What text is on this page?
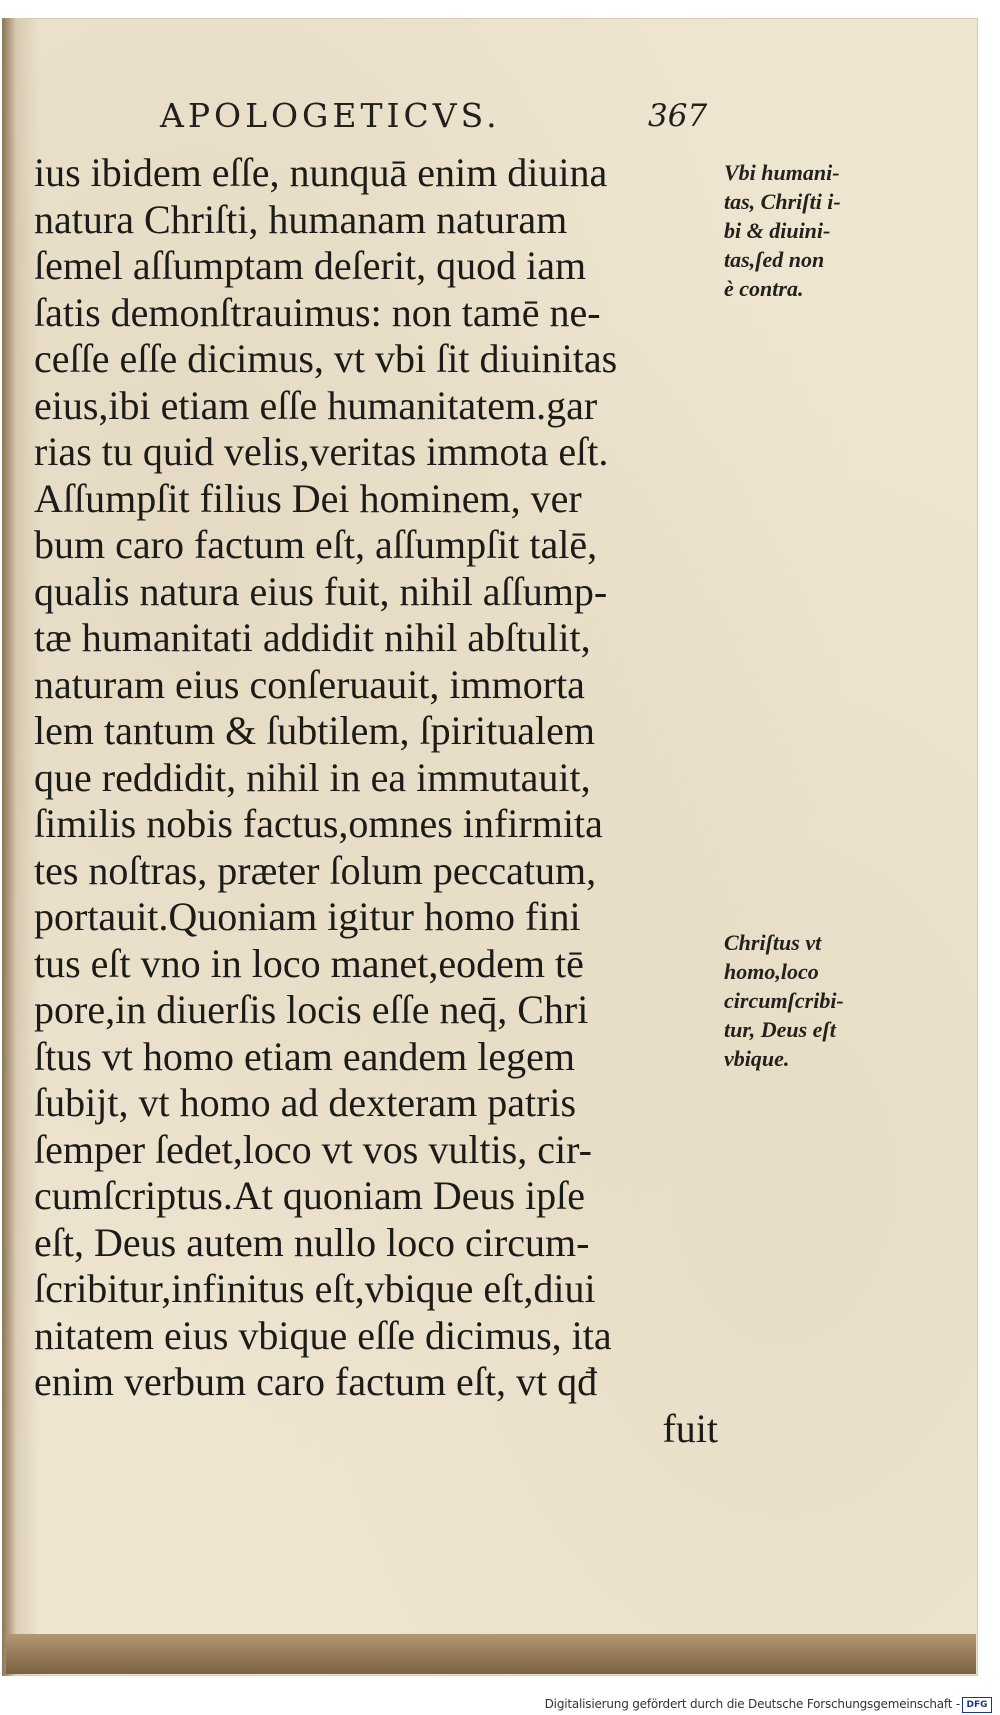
APOLOGETICVS.	367
ius ibidem eſſe, nunquā enim diuina
natura Chriſti, humanam naturam
ſemel aſſumptam deſerit, quod iam
ſatis demonſtrauimus: non tamē ne-
ceſſe eſſe dicimus, vt vbi ſit diuinitas
eius,ibi etiam eſſe humanitatem.gar
rias tu quid velis,veritas immota eſt.
Aſſumpſit filius Dei hominem, ver
bum caro factum eſt, aſſumpſit talē,
qualis natura eius fuit, nihil aſſump-
tæ humanitati addidit nihil abſtulit,
naturam eius conſeruauit, immorta
lem tantum & ſubtilem, ſpiritualem
que reddidit, nihil in ea immutauit,
ſimilis nobis factus,omnes infirmita
tes noſtras, præter ſolum peccatum,
portauit.Quoniam igitur homo fini
tus eſt vno in loco manet,eodem tē
pore,in diuerſis locis eſſe neq̄, Chri
ſtus vt homo etiam eandem legem
ſubijt, vt homo ad dexteram patris
ſemper ſedet,loco vt vos vultis, cir-
cumſcriptus.At quoniam Deus ipſe
eſt, Deus autem nullo loco circum-
ſcribitur,infinitus eſt,vbique eſt,diui
nitatem eius vbique eſſe dicimus, ita
enim verbum caro factum eſt, vt qđ
fuit
Vbi humani-
tas, Chriſti i-
bi & diuini-
tas,ſed non
è contra.
Chriſtus vt
homo,loco
circumſcribi-
tur, Deus eſt
vbique.
Digitalisierung gefördert durch die Deutsche Forschungsgemeinschaft - DFG
